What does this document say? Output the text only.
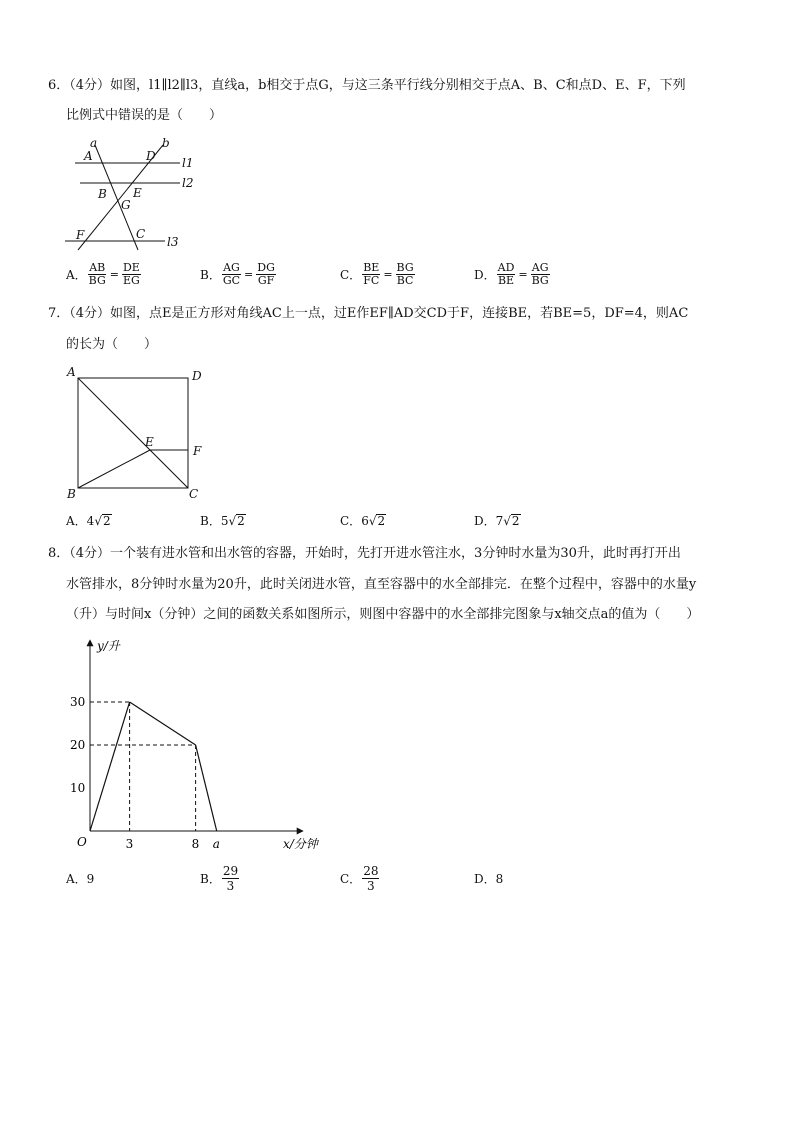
6．（4分）如图，l1∥l2∥l3，直线a，b相交于点G，与这三条平行线分别相交于点A、B、C和点D、E、F，下列
比例式中错误的是（　　）
a	b
A	D
B E
G
F	C
l1
l2
l3
A． $\frac{AB}{BG} = \frac{DE}{EG}$	B． $\frac{AG}{GC} = \frac{DG}{GF}$	C． $\frac{BE}{FC} = \frac{BG}{BC}$	D． $\frac{AD}{BE} = \frac{AG}{BG}$
7．（4分）如图，点E是正方形对角线AC上一点，过E作EF∥AD交CD于F，连接BE，若BE=5，DF=4，则AC
的长为（　　）
A	D
E
F
B	C
A． 4 √ 2	B． 5 √ 2	C． 6 √ 2	D． 7 √ 2
8．（4分）一个装有进水管和出水管的容器，开始时，先打开进水管注水，3分钟时水量为30升，此时再打开出
水管排水，8分钟时水量为20升，此时关闭进水管，直至容器中的水全部排完．在整个过程中，容器中的水量y
（升）与时间x（分钟）之间的函数关系如图所示，则图中容器中的水全部排完图象与x轴交点a的值为（　　）
y/升
x/分钟
O
10
20
30
3	8 a
A． 9	B． $\frac{29}{3}$	C． $\frac{28}{3}$	D． 8
